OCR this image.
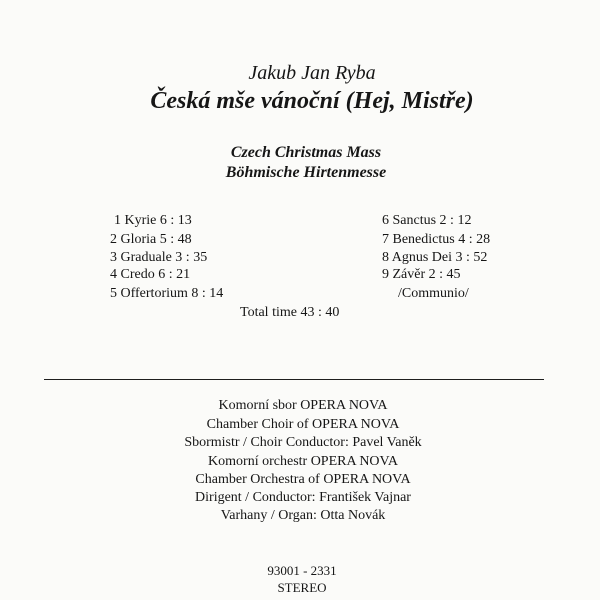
Jakub Jan Ryba
Česká mše vánoční (Hej, Mistře)
Czech Christmas Mass
Böhmische Hirtenmesse
1 Kyrie 6 : 13
2 Gloria 5 : 48
3 Graduale 3 : 35
4 Credo 6 : 21
5 Offertorium 8 : 14
6 Sanctus 2 : 12
7 Benedictus 4 : 28
8 Agnus Dei 3 : 52
9 Závěr 2 : 45
/Communio/
Total time 43 : 40
Komorní sbor OPERA NOVA
Chamber Choir of OPERA NOVA
Sbormistr / Choir Conductor: Pavel Vaněk
Komorní orchestr OPERA NOVA
Chamber Orchestra of OPERA NOVA
Dirigent / Conductor: František Vajnar
Varhany / Organ: Otta Novák
93001 - 2331
STEREO
